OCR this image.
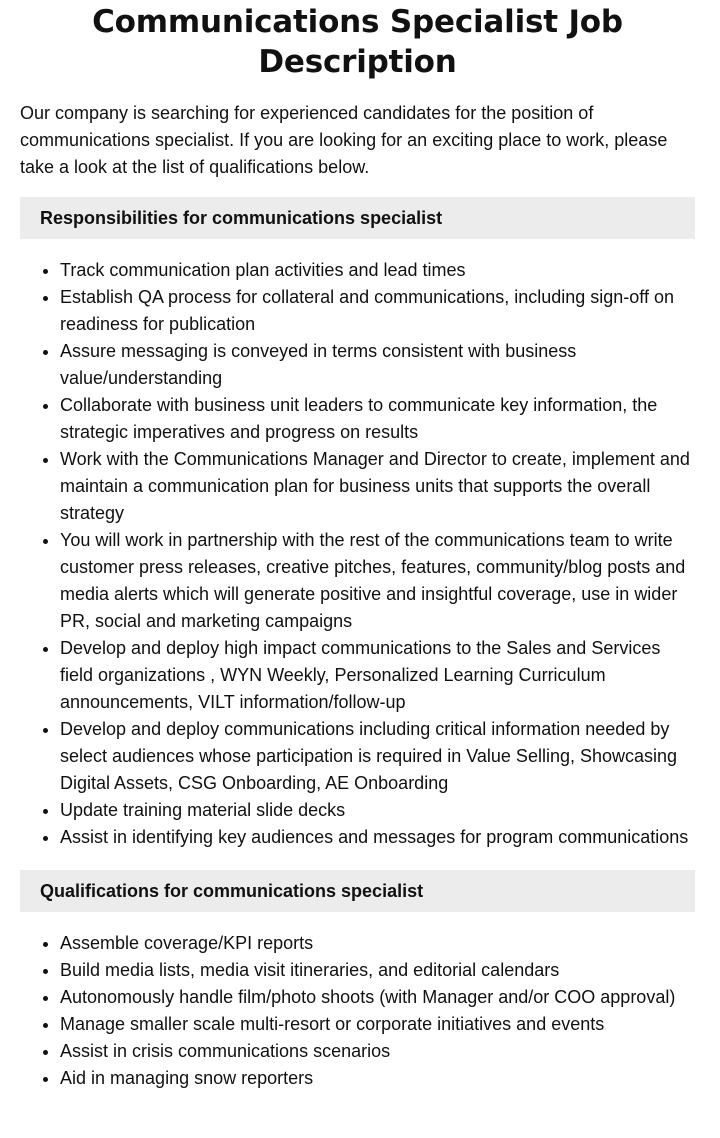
Communications Specialist Job Description

Our company is searching for experienced candidates for the position of communications specialist. If you are looking for an exciting place to work, please take a look at the list of qualifications below.

Responsibilities for communications specialist
• Track communication plan activities and lead times
• Establish QA process for collateral and communications, including sign-off on readiness for publication
• Assure messaging is conveyed in terms consistent with business value/understanding
• Collaborate with business unit leaders to communicate key information, the strategic imperatives and progress on results
• Work with the Communications Manager and Director to create, implement and maintain a communication plan for business units that supports the overall strategy
• You will work in partnership with the rest of the communications team to write customer press releases, creative pitches, features, community/blog posts and media alerts which will generate positive and insightful coverage, use in wider PR, social and marketing campaigns
• Develop and deploy high impact communications to the Sales and Services field organizations , WYN Weekly, Personalized Learning Curriculum announcements, VILT information/follow-up
• Develop and deploy communications including critical information needed by select audiences whose participation is required in Value Selling, Showcasing Digital Assets, CSG Onboarding, AE Onboarding
• Update training material slide decks
• Assist in identifying key audiences and messages for program communications
Qualifications for communications specialist
• Assemble coverage/KPI reports
• Build media lists, media visit itineraries, and editorial calendars
• Autonomously handle film/photo shoots (with Manager and/or COO approval)
• Manage smaller scale multi-resort or corporate initiatives and events
• Assist in crisis communications scenarios
• Aid in managing snow reporters
